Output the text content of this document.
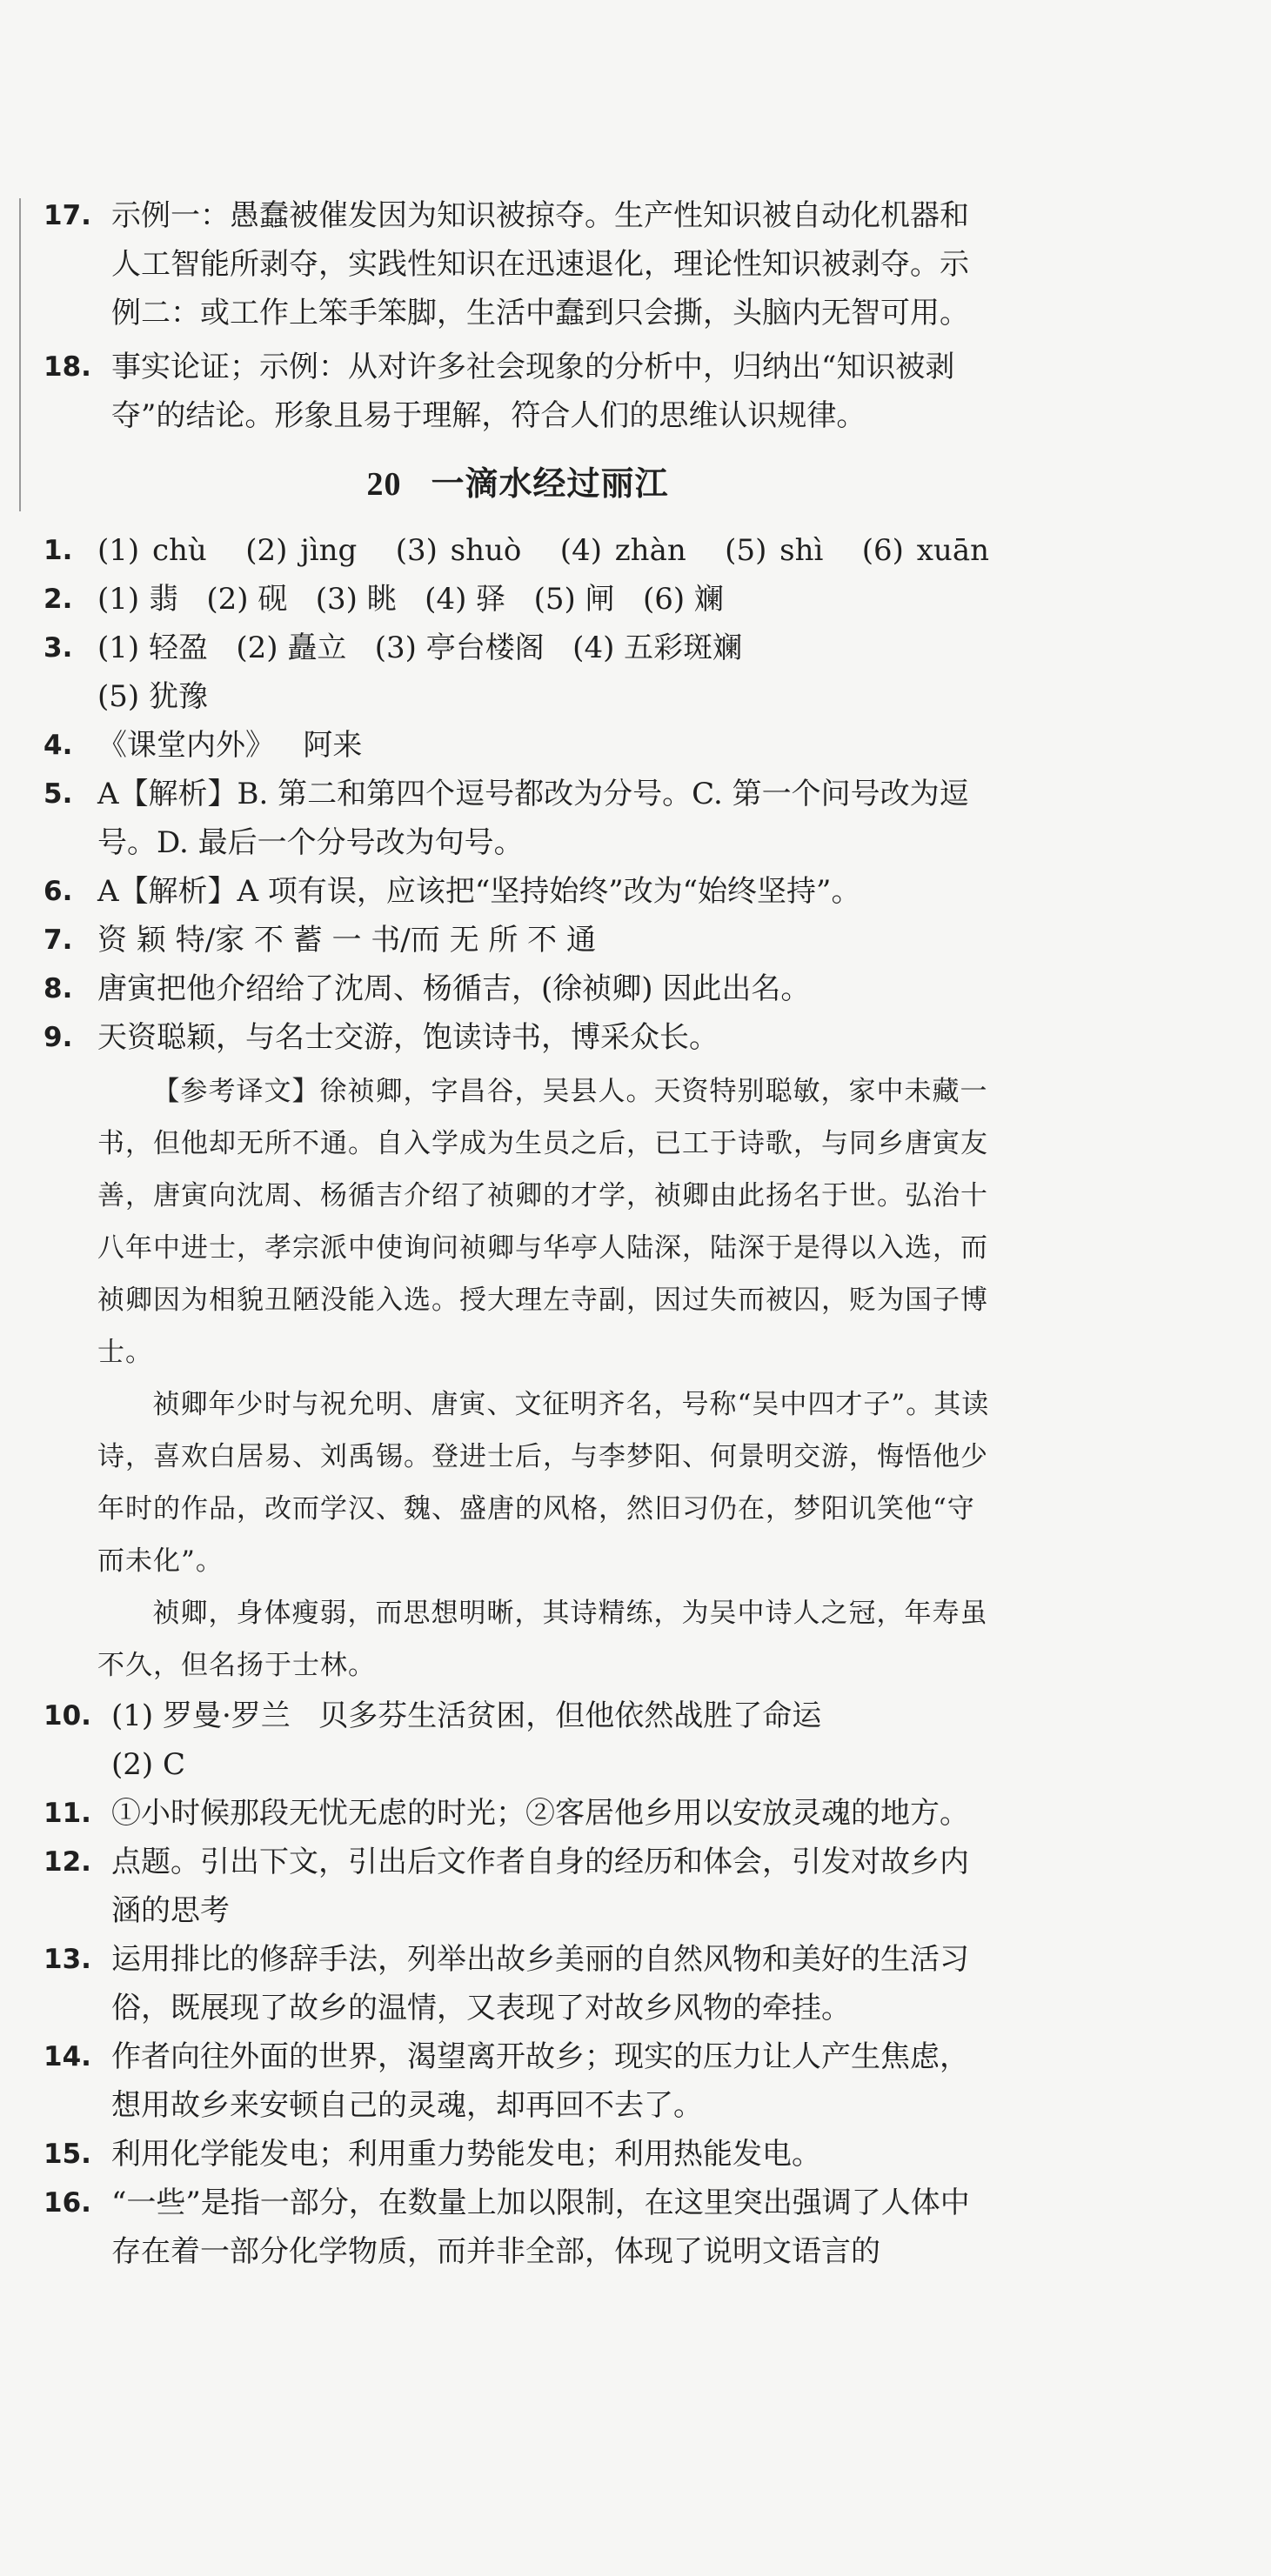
17. 示例一：愚蠢被催发因为知识被掠夺。生产性知识被自动化机器和人工智能所剥夺，实践性知识在迅速退化，理论性知识被剥夺。示例二：或工作上笨手笨脚，生活中蠢到只会撕，头脑内无智可用。
18. 事实论证；示例：从对许多社会现象的分析中，归纳出“知识被剥夺”的结论。形象且易于理解，符合人们的思维认识规律。
20 一滴水经过丽江
1. (1) chù   (2) jìng   (3) shuò   (4) zhàn   (5) shì   (6) xuān
2. (1) 翡   (2) 砚   (3) 眺   (4) 驿   (5) 闸   (6) 斓
3. (1) 轻盈   (2) 矗立   (3) 亭台楼阁   (4) 五彩斑斓
(5) 犹豫
4. 《课堂内外》   阿来
5. A【解析】B. 第二和第四个逗号都改为分号。C. 第一个问号改为逗号。D. 最后一个分号改为句号。
6. A【解析】A 项有误，应该把“坚持始终”改为“始终坚持”。
7. 资 颖 特/家 不 蓄 一 书/而 无 所 不 通
8. 唐寅把他介绍给了沈周、杨循吉，(徐祯卿) 因此出名。
9. 天资聪颖，与名士交游，饱读诗书，博采众长。

【参考译文】徐祯卿，字昌谷，吴县人。天资特别聪敏，家中未藏一书，但他却无所不通。自入学成为生员之后，已工于诗歌，与同乡唐寅友善，唐寅向沈周、杨循吉介绍了祯卿的才学，祯卿由此扬名于世。弘治十八年中进士，孝宗派中使询问祯卿与华亭人陆深，陆深于是得以入选，而祯卿因为相貌丑陋没能入选。授大理左寺副，因过失而被囚，贬为国子博士。

祯卿年少时与祝允明、唐寅、文征明齐名，号称“吴中四才子”。其读诗，喜欢白居易、刘禹锡。登进士后，与李梦阳、何景明交游，悔悟他少年时的作品，改而学汉、魏、盛唐的风格，然旧习仍在，梦阳讥笑他“守而未化”。

祯卿，身体瘦弱，而思想明晰，其诗精练，为吴中诗人之冠，年寿虽不久，但名扬于士林。

10. (1) 罗曼·罗兰   贝多芬生活贫困，但他依然战胜了命运
(2) C
11. ①小时候那段无忧无虑的时光；②客居他乡用以安放灵魂的地方。
12. 点题。引出下文，引出后文作者自身的经历和体会，引发对故乡内涵的思考
13. 运用排比的修辞手法，列举出故乡美丽的自然风物和美好的生活习俗，既展现了故乡的温情，又表现了对故乡风物的牵挂。
14. 作者向往外面的世界，渴望离开故乡；现实的压力让人产生焦虑，想用故乡来安顿自己的灵魂，却再回不去了。
15. 利用化学能发电；利用重力势能发电；利用热能发电。
16. “一些”是指一部分，在数量上加以限制，在这里突出强调了人体中存在着一部分化学物质，而并非全部，体现了说明文语言的
